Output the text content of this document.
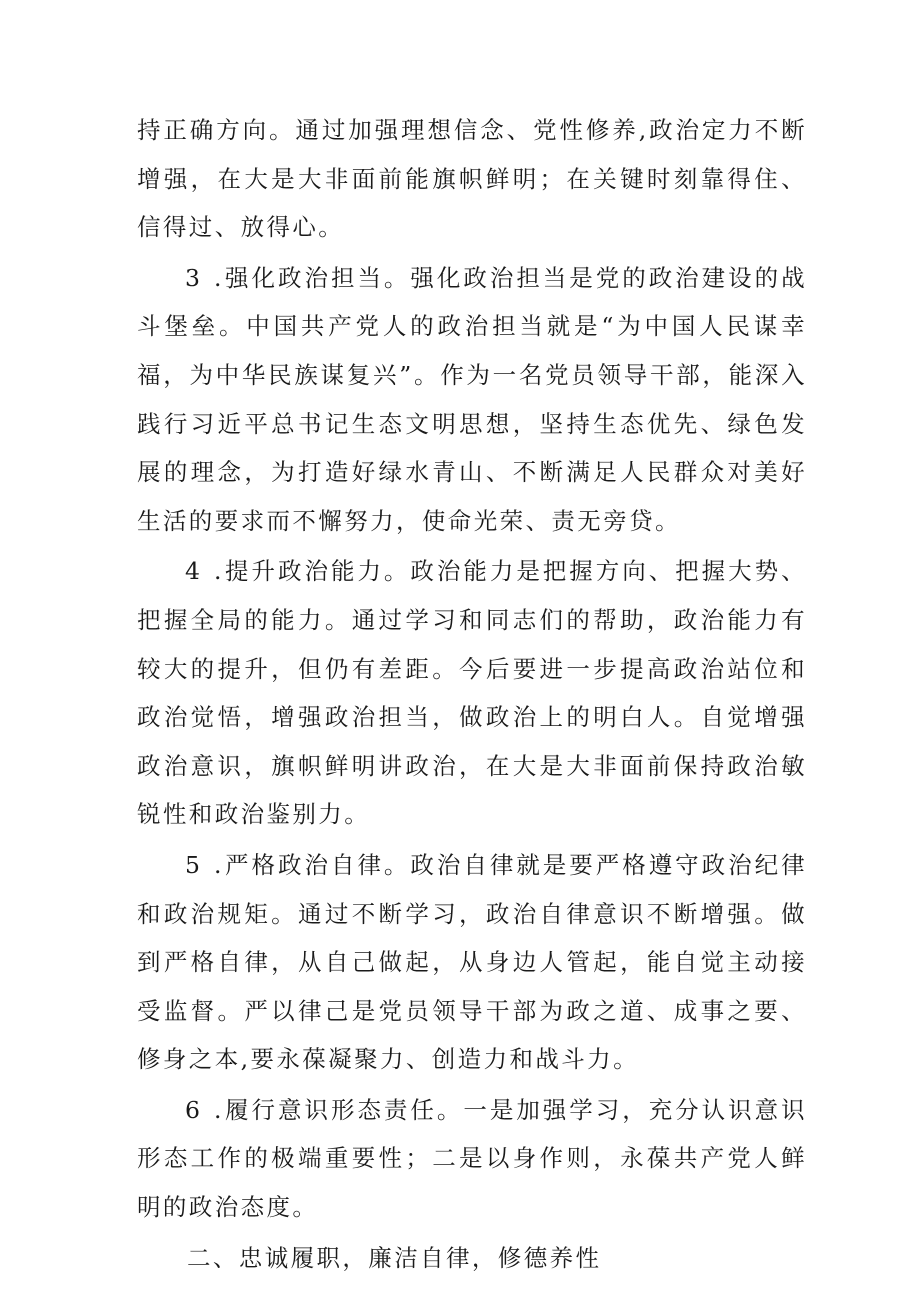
持正确方向。通过加强理想信念、党性修养,政治定力不断增强，在大是大非面前能旗帜鲜明；在关键时刻靠得住、信得过、放得心。

3 .强化政治担当。强化政治担当是党的政治建设的战斗堡垒。中国共产党人的政治担当就是“为中国人民谋幸福，为中华民族谋复兴”。作为一名党员领导干部，能深入践行习近平总书记生态文明思想，坚持生态优先、绿色发展的理念，为打造好绿水青山、不断满足人民群众对美好生活的要求而不懈努力，使命光荣、责无旁贷。

4 .提升政治能力。政治能力是把握方向、把握大势、把握全局的能力。通过学习和同志们的帮助，政治能力有较大的提升，但仍有差距。今后要进一步提高政治站位和政治觉悟，增强政治担当，做政治上的明白人。自觉增强政治意识，旗帜鲜明讲政治，在大是大非面前保持政治敏锐性和政治鉴别力。

5 .严格政治自律。政治自律就是要严格遵守政治纪律和政治规矩。通过不断学习，政治自律意识不断增强。做到严格自律，从自己做起，从身边人管起，能自觉主动接受监督。严以律己是党员领导干部为政之道、成事之要、修身之本,要永葆凝聚力、创造力和战斗力。

6 .履行意识形态责任。一是加强学习，充分认识意识形态工作的极端重要性；二是以身作则，永葆共产党人鲜明的政治态度。

二、忠诚履职，廉洁自律，修德养性
